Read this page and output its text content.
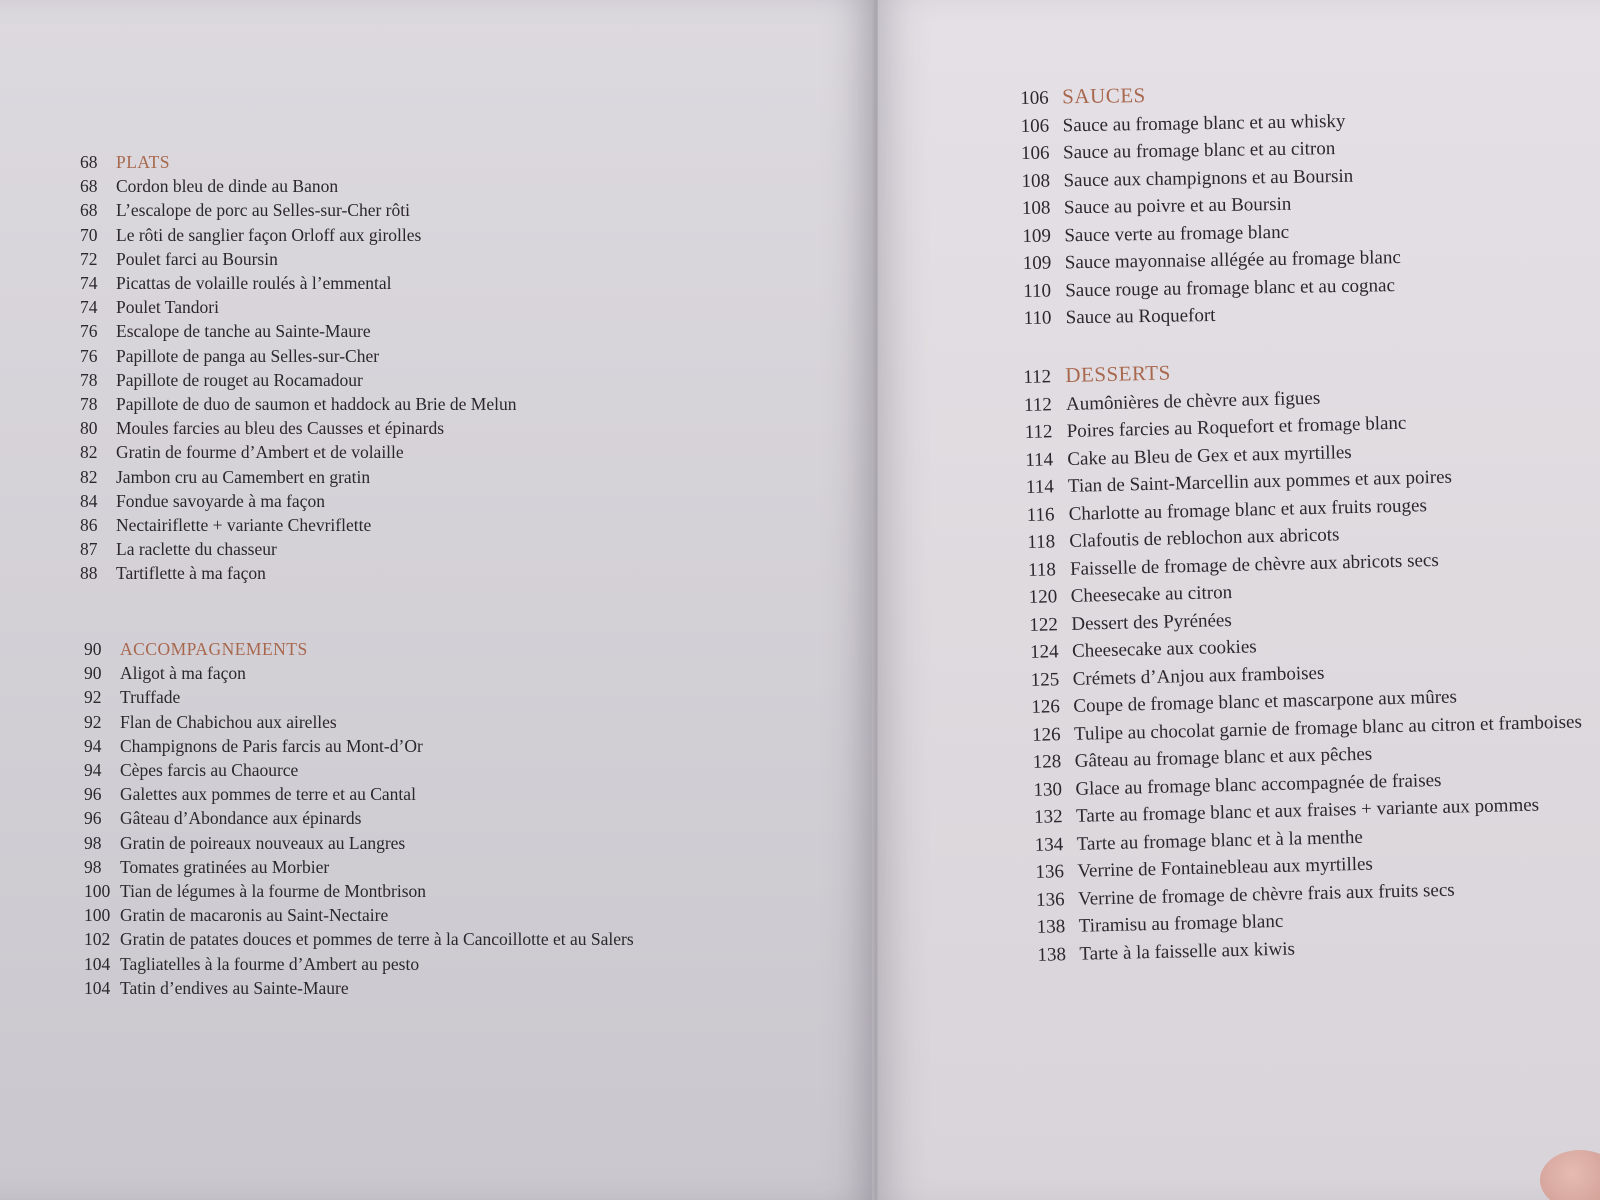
68	PLATS
68	Cordon bleu de dinde au Banon
68	L’escalope de porc au Selles-sur-Cher rôti
70	Le rôti de sanglier façon Orloff aux girolles
72	Poulet farci au Boursin
74	Picattas de volaille roulés à l’emmental
74	Poulet Tandori
76	Escalope de tanche au Sainte-Maure
76	Papillote de panga au Selles-sur-Cher
78	Papillote de rouget au Rocamadour
78	Papillote de duo de saumon et haddock au Brie de Melun
80	Moules farcies au bleu des Causses et épinards
82	Gratin de fourme d’Ambert et de volaille
82	Jambon cru au Camembert en gratin
84	Fondue savoyarde à ma façon
86	Nectairiflette + variante Chevriflette
87	La raclette du chasseur
88	Tartiflette à ma façon
90	ACCOMPAGNEMENTS
90	Aligot à ma façon
92	Truffade
92	Flan de Chabichou aux airelles
94	Champignons de Paris farcis au Mont-d’Or
94	Cèpes farcis au Chaource
96	Galettes aux pommes de terre et au Cantal
96	Gâteau d’Abondance aux épinards
98	Gratin de poireaux nouveaux au Langres
98	Tomates gratinées au Morbier
100 Tian de légumes à la fourme de Montbrison
100 Gratin de macaronis au Saint-Nectaire
102 Gratin de patates douces et pommes de terre à la Cancoillotte et au Salers
104 Tagliatelles à la fourme d’Ambert au pesto
104 Tatin d’endives au Sainte-Maure
106 SAUCES
106 Sauce au fromage blanc et au whisky
106 Sauce au fromage blanc et au citron
108 Sauce aux champignons et au Boursin
108 Sauce au poivre et au Boursin
109 Sauce verte au fromage blanc
109 Sauce mayonnaise allégée au fromage blanc
110 Sauce rouge au fromage blanc et au cognac
110 Sauce au Roquefort
112 DESSERTS
112 Aumônières de chèvre aux figues
112 Poires farcies au Roquefort et fromage blanc
114 Cake au Bleu de Gex et aux myrtilles
114 Tian de Saint-Marcellin aux pommes et aux poires
116 Charlotte au fromage blanc et aux fruits rouges
118 Clafoutis de reblochon aux abricots
118 Faisselle de fromage de chèvre aux abricots secs
120 Cheesecake au citron
122 Dessert des Pyrénées
124 Cheesecake aux cookies
125 Crémets d’Anjou aux framboises
126 Coupe de fromage blanc et mascarpone aux mûres
126 Tulipe au chocolat garnie de fromage blanc au citron et framboises
128 Gâteau au fromage blanc et aux pêches
130 Glace au fromage blanc accompagnée de fraises
132 Tarte au fromage blanc et aux fraises + variante aux pommes
134 Tarte au fromage blanc et à la menthe
136 Verrine de Fontainebleau aux myrtilles
136 Verrine de fromage de chèvre frais aux fruits secs
138 Tiramisu au fromage blanc
138 Tarte à la faisselle aux kiwis
